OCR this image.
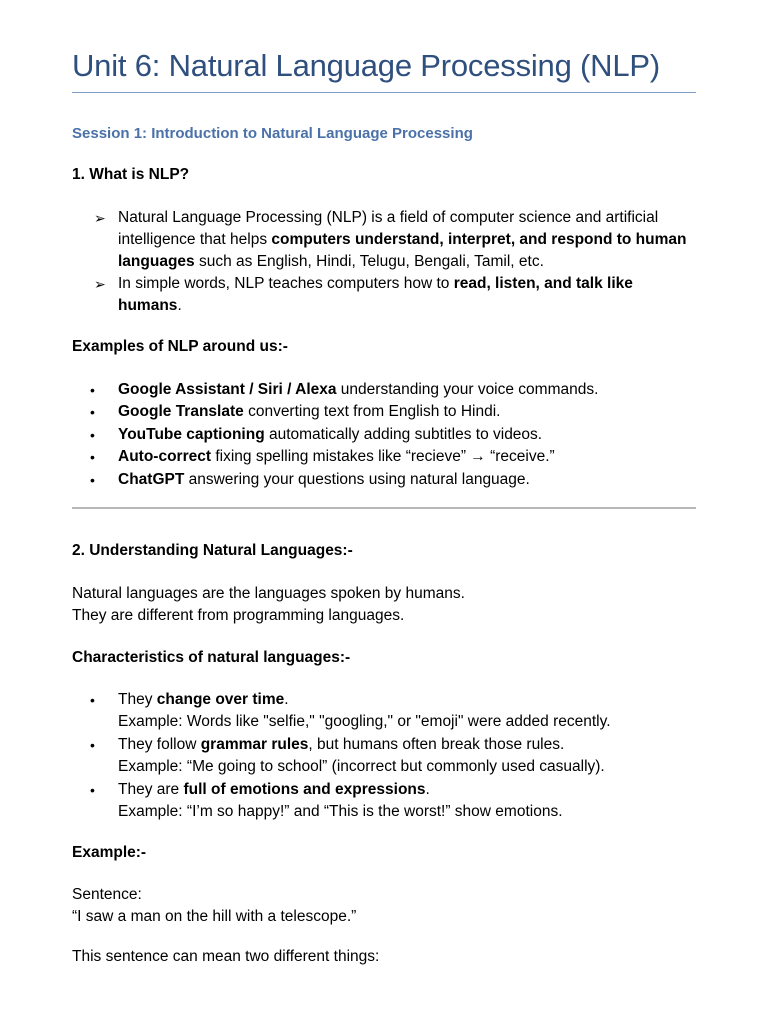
Unit 6: Natural Language Processing (NLP)
Session 1: Introduction to Natural Language Processing
1. What is NLP?
➢ Natural Language Processing (NLP) is a field of computer science and artificial intelligence that helps computers understand, interpret, and respond to human languages such as English, Hindi, Telugu, Bengali, Tamil, etc.
➢ In simple words, NLP teaches computers how to read, listen, and talk like humans.
Examples of NLP around us:-
• Google Assistant / Siri / Alexa understanding your voice commands.
• Google Translate converting text from English to Hindi.
• YouTube captioning automatically adding subtitles to videos.
• Auto-correct fixing spelling mistakes like “recieve” → “receive.”
• ChatGPT answering your questions using natural language.
2. Understanding Natural Languages:-
Natural languages are the languages spoken by humans.
They are different from programming languages.
Characteristics of natural languages:-
• They change over time.
Example: Words like "selfie," "googling," or "emoji" were added recently.
• They follow grammar rules, but humans often break those rules.
Example: “Me going to school” (incorrect but commonly used casually).
• They are full of emotions and expressions.
Example: “I’m so happy!” and “This is the worst!” show emotions.
Example:-
Sentence:
“I saw a man on the hill with a telescope.”
This sentence can mean two different things:
